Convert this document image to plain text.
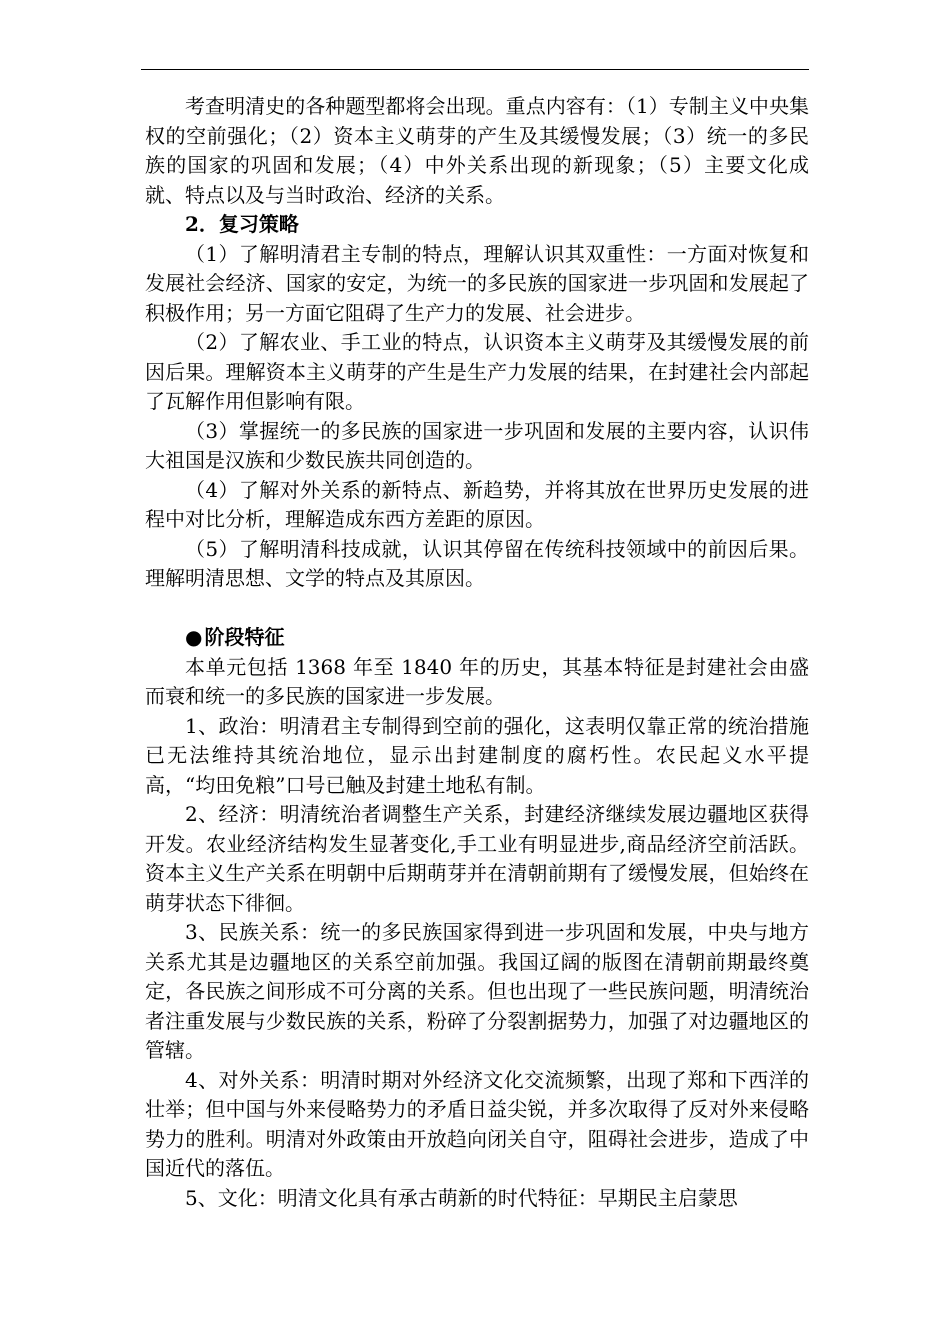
考查明清史的各种题型都将会出现。重点内容有：（1）专制主义中央集权的空前强化；（2）资本主义萌芽的产生及其缓慢发展；（3）统一的多民族的国家的巩固和发展；（4）中外关系出现的新现象；（5）主要文化成就、特点以及与当时政治、经济的关系。

2．复习策略

（1）了解明清君主专制的特点，理解认识其双重性：一方面对恢复和发展社会经济、国家的安定，为统一的多民族的国家进一步巩固和发展起了积极作用；另一方面它阻碍了生产力的发展、社会进步。

（2）了解农业、手工业的特点，认识资本主义萌芽及其缓慢发展的前因后果。理解资本主义萌芽的产生是生产力发展的结果，在封建社会内部起了瓦解作用但影响有限。

（3）掌握统一的多民族的国家进一步巩固和发展的主要内容，认识伟大祖国是汉族和少数民族共同创造的。

（4）了解对外关系的新特点、新趋势，并将其放在世界历史发展的进程中对比分析，理解造成东西方差距的原因。

（5）了解明清科技成就，认识其停留在传统科技领域中的前因后果。理解明清思想、文学的特点及其原因。

● 阶段特征

本单元包括 1368 年至 1840 年的历史，其基本特征是封建社会由盛而衰和统一的多民族的国家进一步发展。

1、政治：明清君主专制得到空前的强化，这表明仅靠正常的统治措施已无法维持其统治地位，显示出封建制度的腐朽性。农民起义水平提高，“均田免粮”口号已触及封建土地私有制。

2、经济：明清统治者调整生产关系，封建经济继续发展边疆地区获得开发。农业经济结构发生显著变化,手工业有明显进步,商品经济空前活跃。资本主义生产关系在明朝中后期萌芽并在清朝前期有了缓慢发展，但始终在萌芽状态下徘徊。

3、民族关系：统一的多民族国家得到进一步巩固和发展，中央与地方关系尤其是边疆地区的关系空前加强。我国辽阔的版图在清朝前期最终奠定，各民族之间形成不可分离的关系。但也出现了一些民族问题，明清统治者注重发展与少数民族的关系，粉碎了分裂割据势力，加强了对边疆地区的管辖。

4、对外关系：明清时期对外经济文化交流频繁，出现了郑和下西洋的壮举；但中国与外来侵略势力的矛盾日益尖锐，并多次取得了反对外来侵略势力的胜利。明清对外政策由开放趋向闭关自守，阻碍社会进步，造成了中国近代的落伍。

5、文化：明清文化具有承古萌新的时代特征：早期民主启蒙思
